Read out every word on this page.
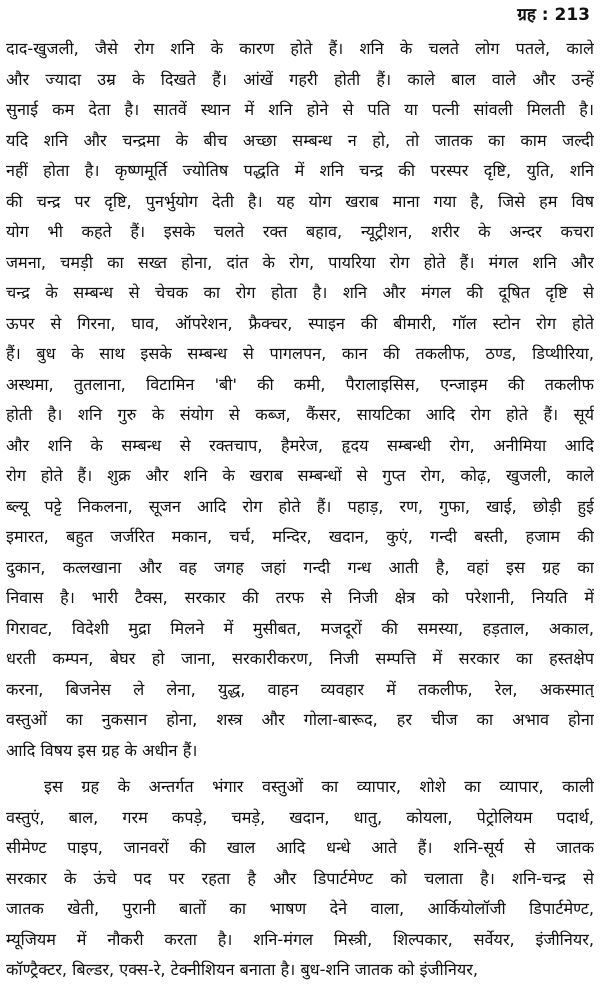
ग्रह : 213
दाद-खुजली, जैसे रोग शनि के कारण होते हैं। शनि के चलते लोग पतले, काले
और ज्यादा उम्र के दिखते हैं। आंखें गहरी होती हैं। काले बाल वाले और उन्हें
सुनाई कम देता है। सातवें स्थान में शनि होने से पति या पत्नी सांवली मिलती है।
यदि शनि और चन्द्रमा के बीच अच्छा सम्बन्ध न हो, तो जातक का काम जल्दी
नहीं होता है। कृष्णमूर्ति ज्योतिष पद्धति में शनि चन्द्र की परस्पर दृष्टि, युति, शनि
की चन्द्र पर दृष्टि, पुनर्भुयोग देती है। यह योग खराब माना गया है, जिसे हम विष
योग भी कहते हैं। इसके चलते रक्त बहाव, न्यूट्रीशन, शरीर के अन्दर कचरा
जमना, चमड़ी का सख्त होना, दांत के रोग, पायरिया रोग होते हैं। मंगल शनि और
चन्द्र के सम्बन्ध से चेचक का रोग होता है। शनि और मंगल की दूषित दृष्टि से
ऊपर से गिरना, घाव, ऑपरेशन, फ्रैक्चर, स्पाइन की बीमारी, गॉल स्टोन रोग होते
हैं। बुध के साथ इसके सम्बन्ध से पागलपन, कान की तकलीफ, ठण्ड, डिप्थीरिया,
अस्थमा, तुतलाना, विटामिन 'बी' की कमी, पैरालाइसिस, एन्जाइम की तकलीफ
होती है। शनि गुरु के संयोग से कब्ज, कैंसर, सायटिका आदि रोग होते हैं। सूर्य
और शनि के सम्बन्ध से रक्तचाप, हैमरेज, हृदय सम्बन्धी रोग, अनीमिया आदि
रोग होते हैं। शुक्र और शनि के खराब सम्बन्धों से गुप्त रोग, कोढ़, खुजली, काले
ब्ल्यू पट्टे निकलना, सूजन आदि रोग होते हैं। पहाड़, रण, गुफा, खाई, छोड़ी हुई
इमारत, बहुत जर्जरित मकान, चर्च, मन्दिर, खदान, कुएं, गन्दी बस्ती, हजाम की
दुकान, कत्लखाना और वह जगह जहां गन्दी गन्ध आती है, वहां इस ग्रह का
निवास है। भारी टैक्स, सरकार की तरफ से निजी क्षेत्र को परेशानी, नियति में
गिरावट, विदेशी मुद्रा मिलने में मुसीबत, मजदूरों की समस्या, हड़ताल, अकाल,
धरती कम्पन, बेघर हो जाना, सरकारीकरण, निजी सम्पत्ति में सरकार का हस्तक्षेप
करना, बिजनेस ले लेना, युद्ध, वाहन व्यवहार में तकलीफ, रेल, अकस्मात्
वस्तुओं का नुकसान होना, शस्त्र और गोला-बारूद, हर चीज का अभाव होना
आदि विषय इस ग्रह के अधीन हैं।
इस ग्रह के अन्तर्गत भंगार वस्तुओं का व्यापार, शोशे का व्यापार, काली
वस्तुएं, बाल, गरम कपड़े, चमड़े, खदान, धातु, कोयला, पेट्रोलियम पदार्थ,
सीमेण्ट पाइप, जानवरों की खाल आदि धन्धे आते हैं। शनि-सूर्य से जातक
सरकार के ऊंचे पद पर रहता है और डिपार्टमेण्ट को चलाता है। शनि-चन्द्र से
जातक खेती, पुरानी बातों का भाषण देने वाला, आर्कियोलॉजी डिपार्टमेण्ट,
म्यूजियम में नौकरी करता है। शनि-मंगल मिस्त्री, शिल्पकार, सर्वेयर, इंजीनियर,
कॉण्ट्रैक्टर, बिल्डर, एक्स-रे, टेक्नीशियन बनाता है। बुध-शनि जातक को इंजीनियर,
